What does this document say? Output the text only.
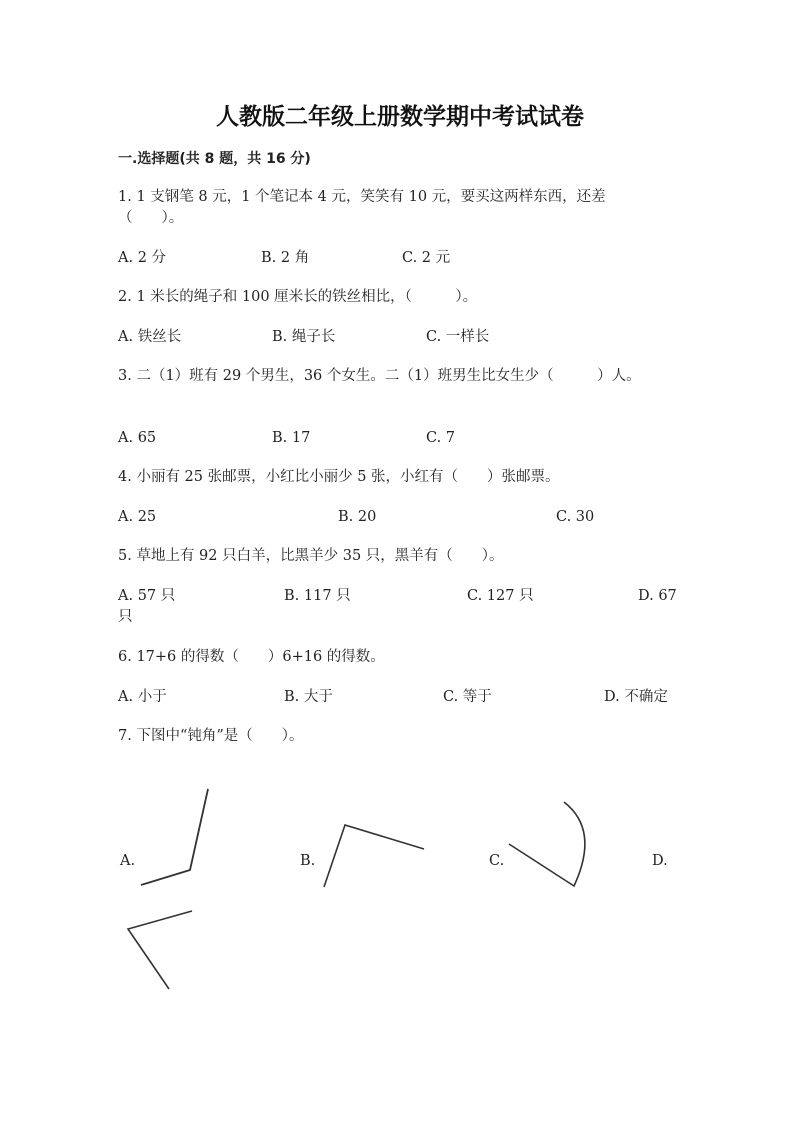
人教版二年级上册数学期中考试试卷
一.选择题(共 8 题，共 16 分)
1. 1 支钢笔 8 元，1 个笔记本 4 元，笑笑有 10 元，要买这两样东西，还差
（　　）。
A. 2 分	B. 2 角	C. 2 元
2. 1 米长的绳子和 100 厘米长的铁丝相比，（　　　）。
A. 铁丝长	B. 绳子长	C. 一样长
3. 二（1）班有 29 个男生，36 个女生。二（1）班男生比女生少（　　　）人。
A. 65	B. 17	C. 7
4. 小丽有 25 张邮票，小红比小丽少 5 张，小红有（　　）张邮票。
A. 25	B. 20	C. 30
5. 草地上有 92 只白羊，比黑羊少 35 只，黑羊有（　　）。
A. 57 只	B. 117 只	C. 127 只	D. 67
只
6. 17+6 的得数（　　）6+16 的得数。
A. 小于	B. 大于	C. 等于	D. 不确定
7. 下图中“钝角”是（　　）。
A.	B.	C.	D.
